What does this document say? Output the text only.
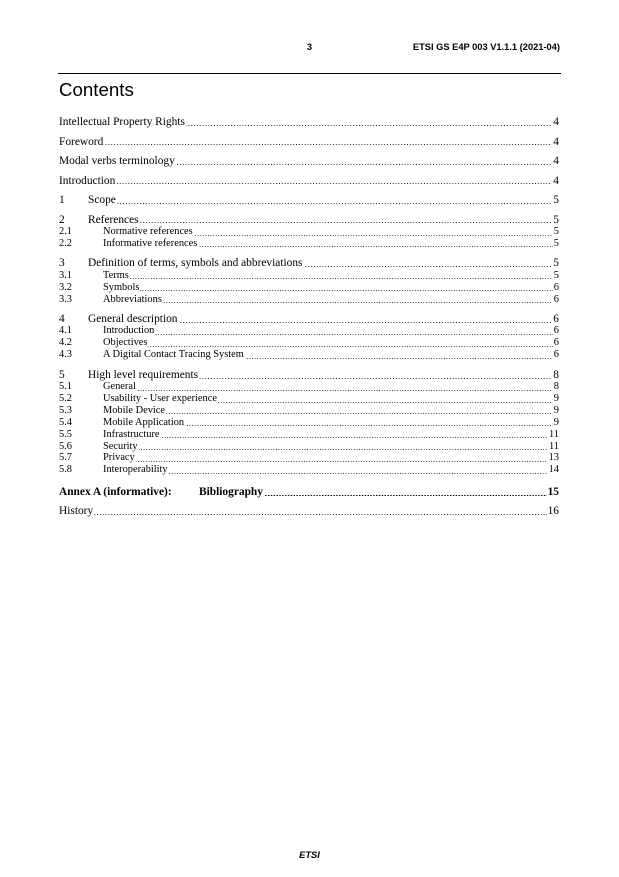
3	ETSI GS E4P 003 V1.1.1 (2021-04)
Contents
Intellectual Property Rights	4
Foreword	4
Modal verbs terminology	4
Introduction	4
1	Scope	5
2	References	5
2.1	Normative references	5
2.2	Informative references	5
3	Definition of terms, symbols and abbreviations	5
3.1	Terms	5
3.2	Symbols	6
3.3	Abbreviations	6
4	General description	6
4.1	Introduction	6
4.2	Objectives	6
4.3	A Digital Contact Tracing System	6
5	High level requirements	8
5.1	General	8
5.2	Usability - User experience	9
5.3	Mobile Device	9
5.4	Mobile Application	9
5.5	Infrastructure	11
5.6	Security	11
5.7	Privacy	13
5.8	Interoperability	14
Annex A (informative):	Bibliography	15
History	16
ETSI
